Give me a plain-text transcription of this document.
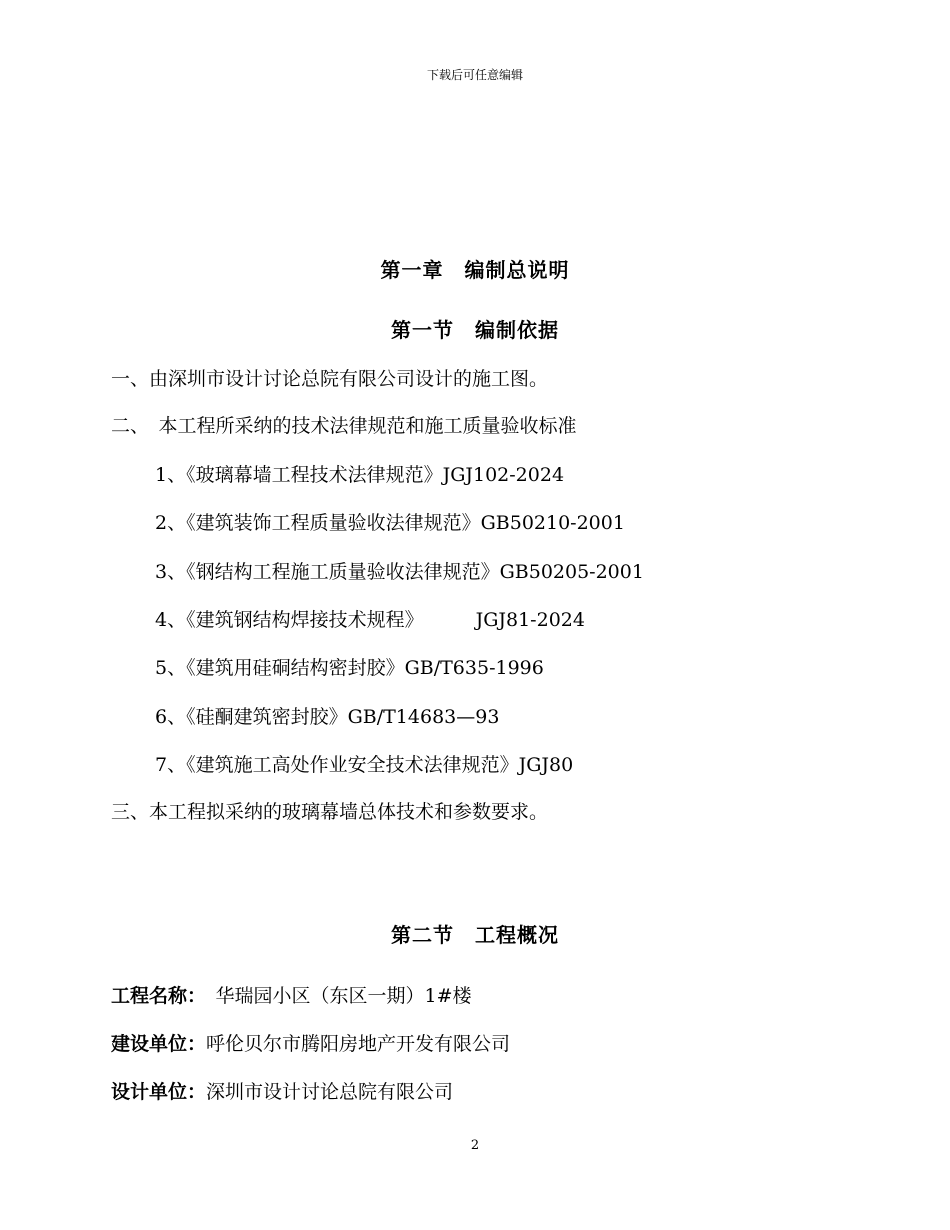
下载后可任意编辑
第一章　编制总说明
第一节　编制依据
一、由深圳市设计讨论总院有限公司设计的施工图。
二、　本工程所采纳的技术法律规范和施工质量验收标准
1、《玻璃幕墙工程技术法律规范》JGJ102-2024
2、《建筑装饰工程质量验收法律规范》GB50210-2001
3、《钢结构工程施工质量验收法律规范》GB50205-2001
4、《建筑钢结构焊接技术规程》	JGJ81-2024
5、《建筑用硅硐结构密封胶》GB/T635-1996
6、《硅酮建筑密封胶》GB/T14683—93
7、《建筑施工高处作业安全技术法律规范》JGJ80
三、本工程拟采纳的玻璃幕墙总体技术和参数要求。
第二节　工程概况
工程名称：　华瑞园小区（东区一期）1#楼
建设单位：呼伦贝尔市腾阳房地产开发有限公司
设计单位：深圳市设计讨论总院有限公司
2
